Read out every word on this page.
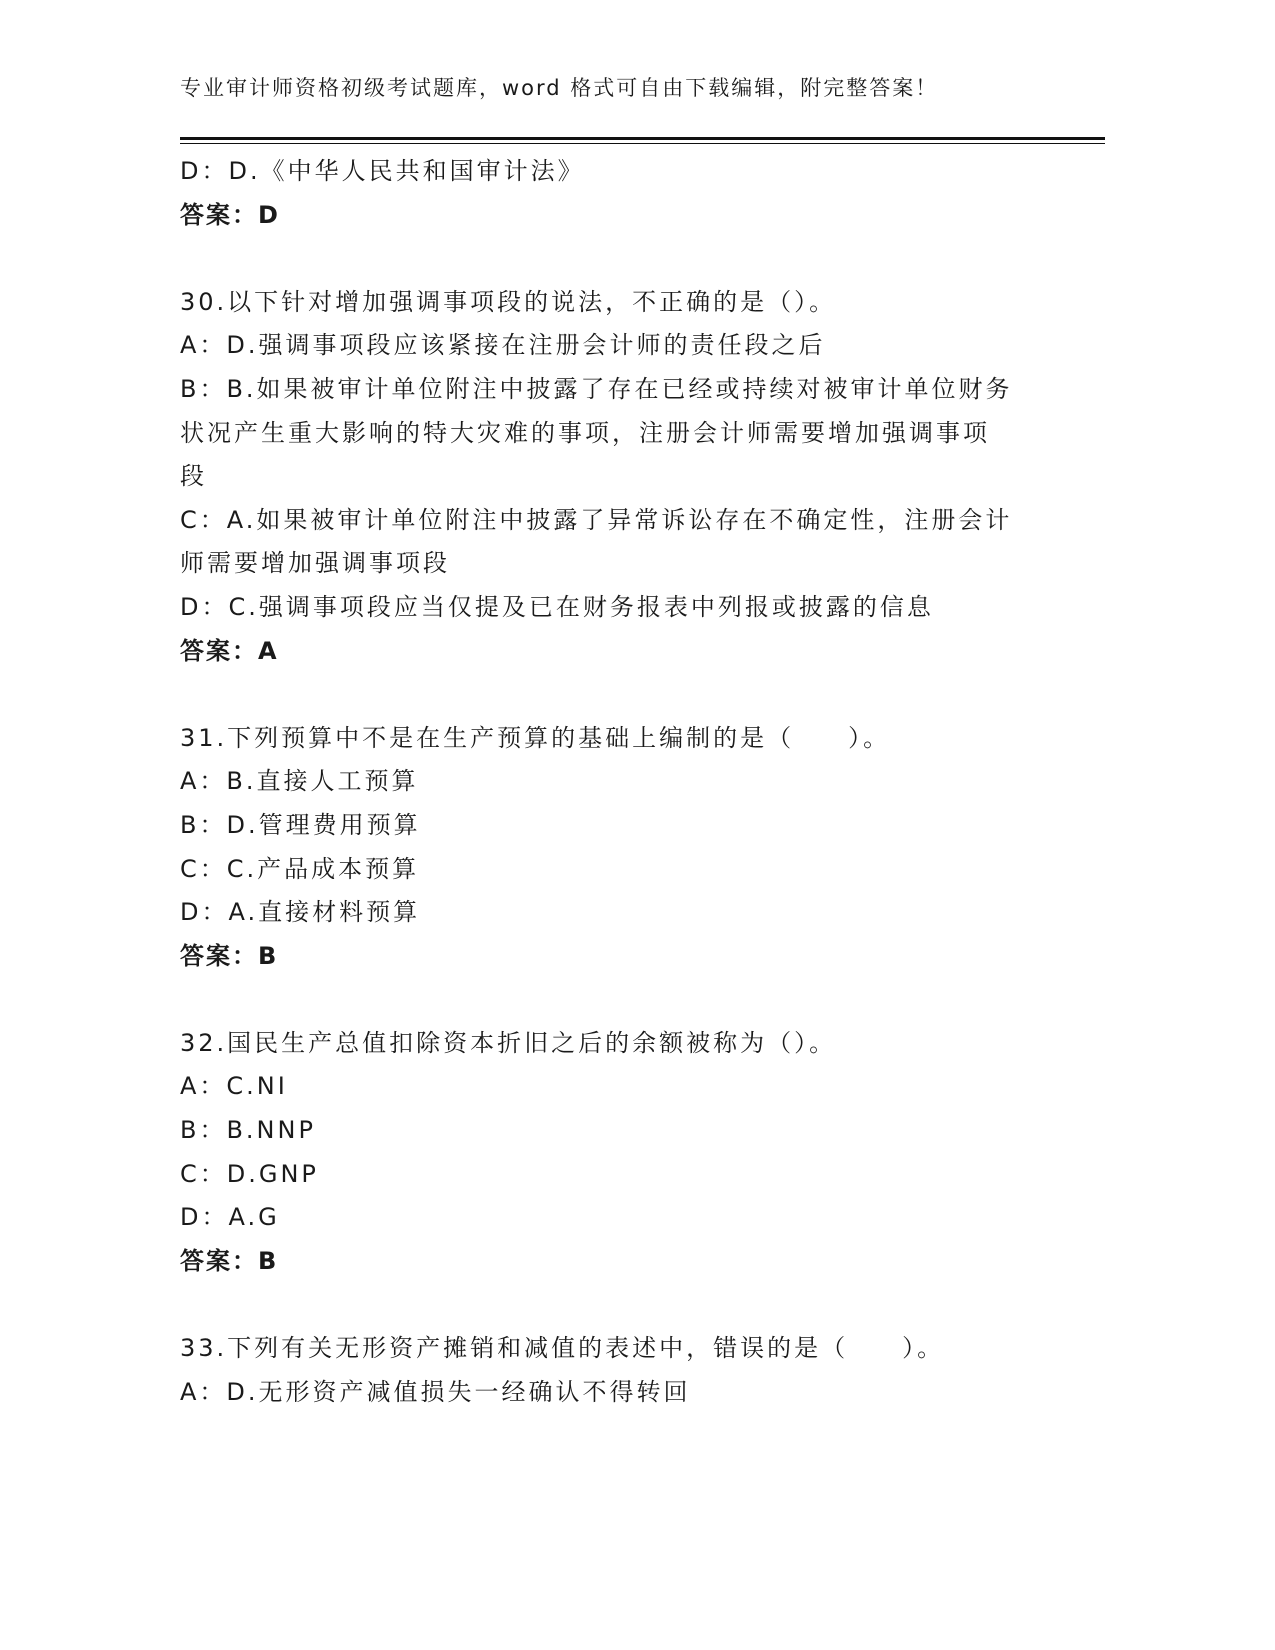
专业审计师资格初级考试题库，word 格式可自由下载编辑，附完整答案！
D：D.《中华人民共和国审计法》
答案：D
30.以下针对增加强调事项段的说法，不正确的是（）。
A：D.强调事项段应该紧接在注册会计师的责任段之后
B：B.如果被审计单位附注中披露了存在已经或持续对被审计单位财务
状况产生重大影响的特大灾难的事项，注册会计师需要增加强调事项
段
C：A.如果被审计单位附注中披露了异常诉讼存在不确定性，注册会计
师需要增加强调事项段
D：C.强调事项段应当仅提及已在财务报表中列报或披露的信息
答案：A
31.下列预算中不是在生产预算的基础上编制的是（　　）。
A：B.直接人工预算
B：D.管理费用预算
C：C.产品成本预算
D：A.直接材料预算
答案：B
32.国民生产总值扣除资本折旧之后的余额被称为（）。
A：C.NI
B：B.NNP
C：D.GNP
D：A.G
答案：B
33.下列有关无形资产摊销和减值的表述中，错误的是（　　）。
A：D.无形资产减值损失一经确认不得转回
